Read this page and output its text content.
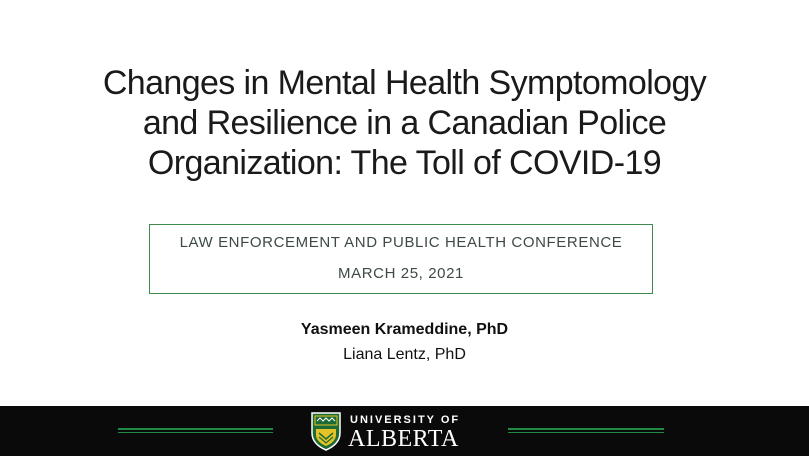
Changes in Mental Health Symptomology
and Resilience in a Canadian Police
Organization: The Toll of COVID-19
LAW ENFORCEMENT AND PUBLIC HEALTH CONFERENCE
MARCH 25, 2021
Yasmeen Krameddine, PhD
Liana Lentz, PhD
UNIVERSITY OF
ALBERTA
